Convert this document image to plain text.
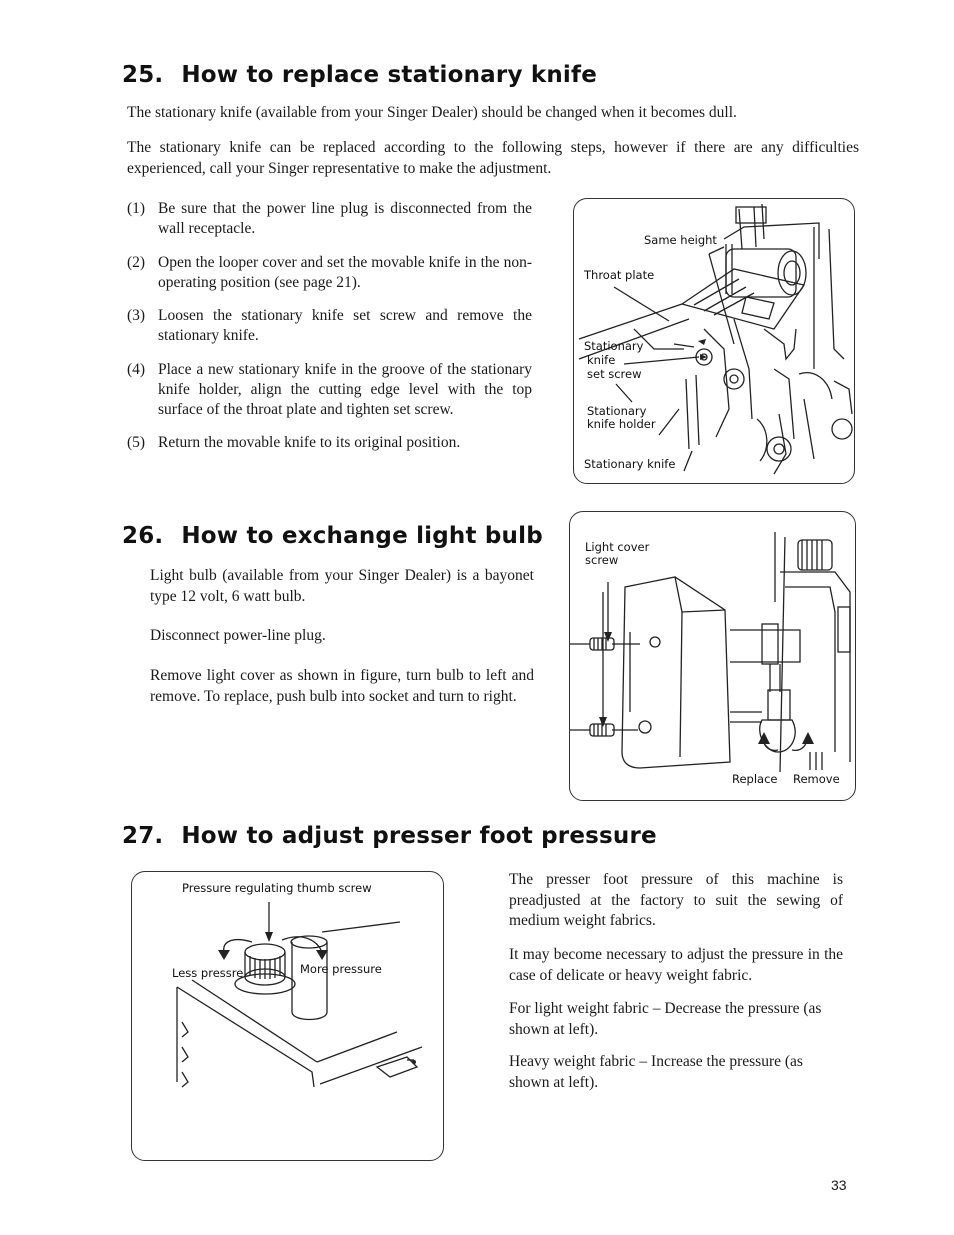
25. How to replace stationary knife

The stationary knife (available from your Singer Dealer) should be changed when it becomes dull.

The stationary knife can be replaced according to the following steps, however if there are any difficulties experienced, call your Singer representative to make the adjustment.

(1) Be sure that the power line plug is disconnected from the wall receptacle.
(2) Open the looper cover and set the movable knife in the non-operating position (see page 21).
(3) Loosen the stationary knife set screw and remove the stationary knife.
(4) Place a new stationary knife in the groove of the stationary knife holder, align the cutting edge level with the top surface of the throat plate and tighten set screw.
(5) Return the movable knife to its original position.
Same height
Throat plate
Stationary
knife
set screw
Stationary
knife holder
Stationary knife
26. How to exchange light bulb

Light bulb (available from your Singer Dealer) is a bayonet type 12 volt, 6 watt bulb.

Disconnect power-line plug.

Remove light cover as shown in figure, turn bulb to left and remove. To replace, push bulb into socket and turn to right.

Light cover
screw
Replace Remove
27. How to adjust presser foot pressure
Pressure regulating thumb screw
Less pressre	More pressure

The presser foot pressure of this machine is preadjusted at the factory to suit the sewing of medium weight fabrics.

It may become necessary to adjust the pressure in the case of delicate or heavy weight fabric.

For light weight fabric – Decrease the pressure (as shown at left).

Heavy weight fabric – Increase the pressure (as shown at left).

33
